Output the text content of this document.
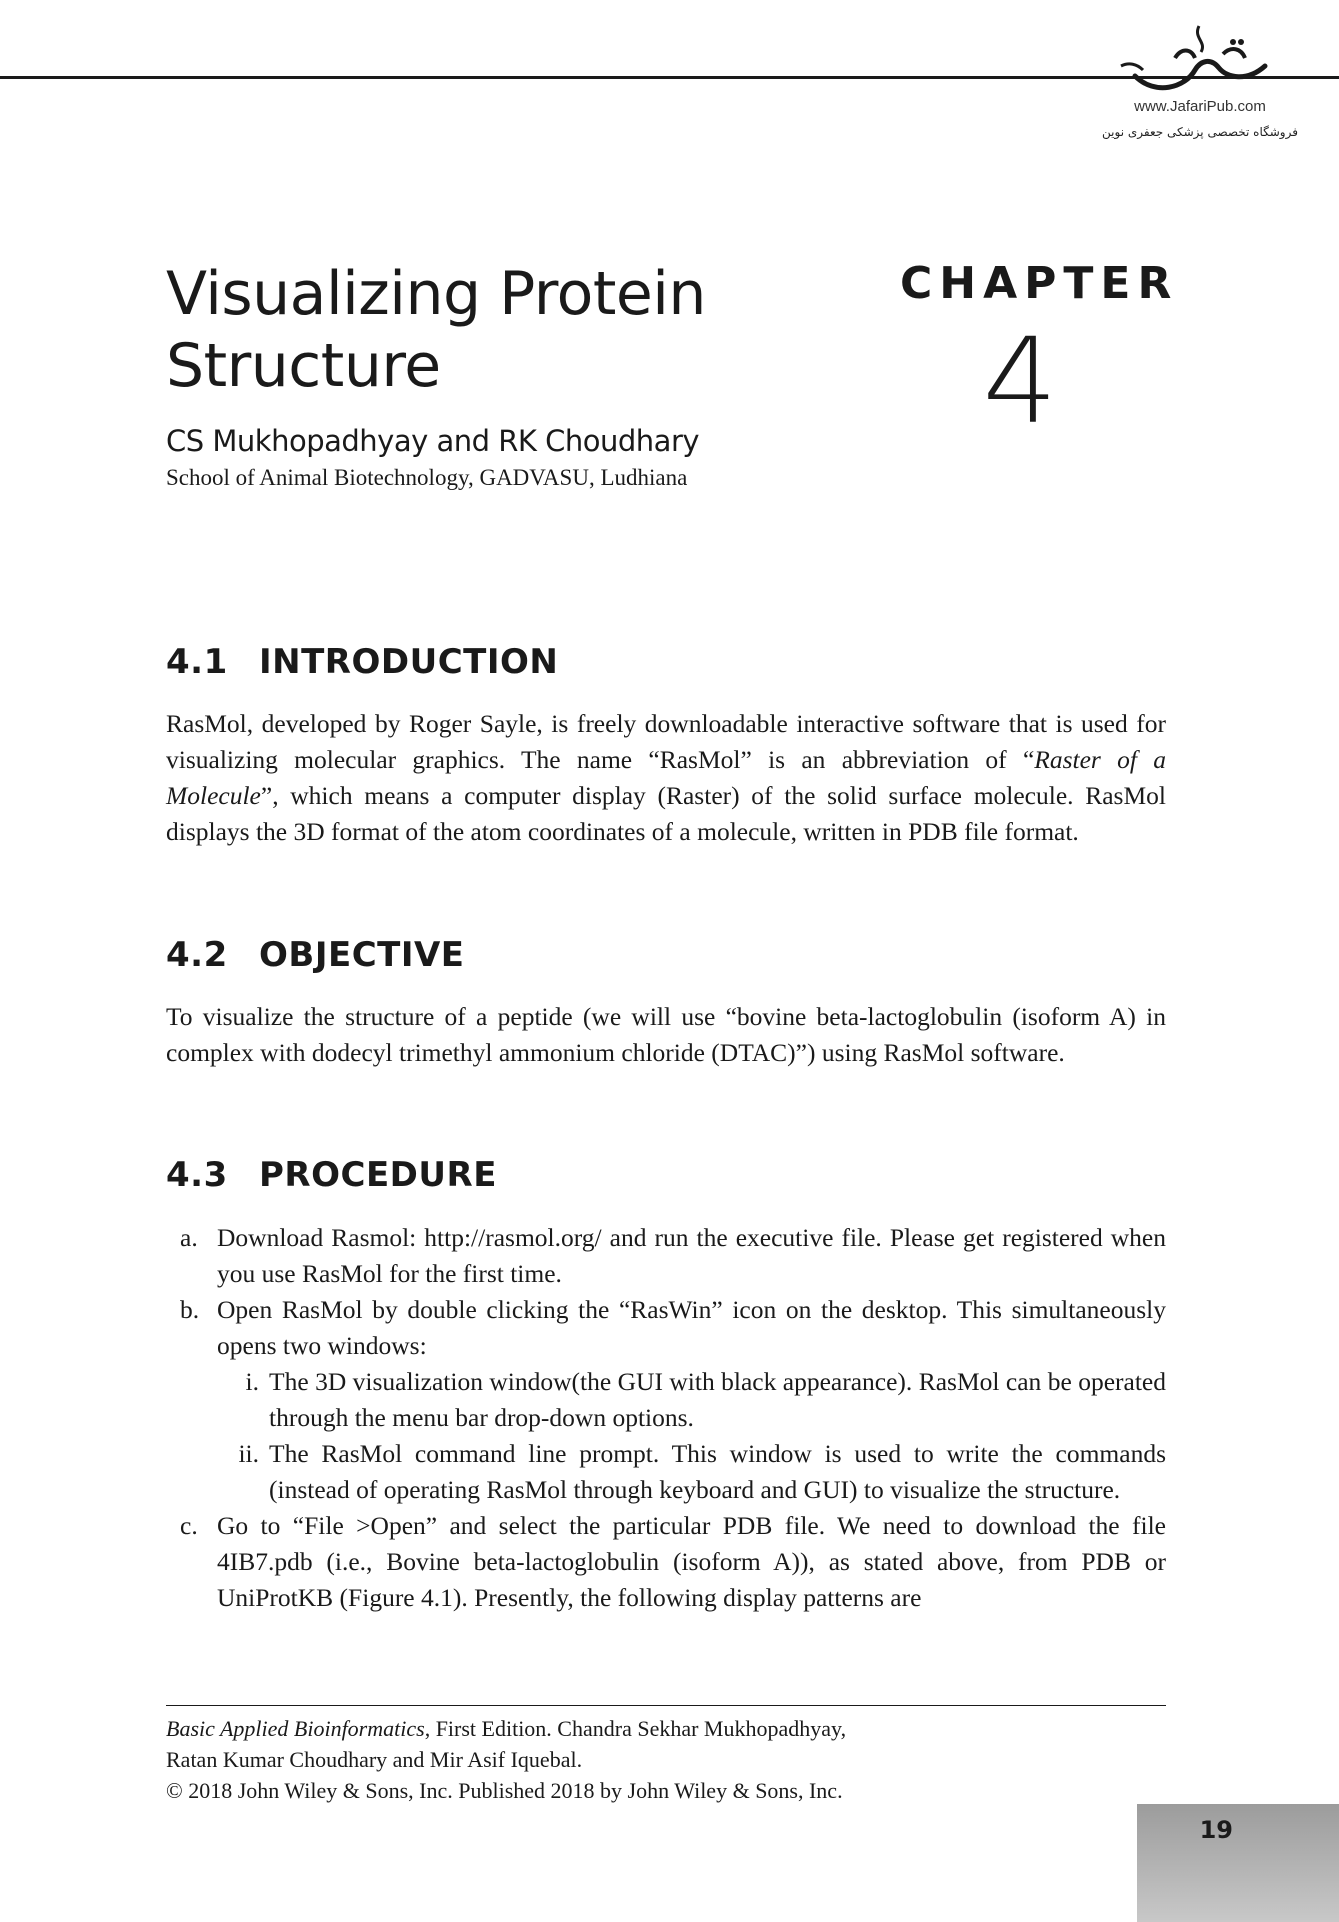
www.JafariPub.com
فروشگاه تخصصی پزشکی جعفری نوین
Visualizing Protein
Structure
CHAPTER
4
CS Mukhopadhyay and RK Choudhary
School of Animal Biotechnology, GADVASU, Ludhiana
4.1 INTRODUCTION

RasMol, developed by Roger Sayle, is freely downloadable interactive software that is used for visualizing molecular graphics. The name “RasMol” is an abbreviation of “Raster of a Molecule”, which means a computer display (Raster) of the solid surface molecule. RasMol displays the 3D format of the atom coordinates of a molecule, written in PDB file format.

4.2 OBJECTIVE

To visualize the structure of a peptide (we will use “bovine beta-lactoglobulin (isoform A) in complex with dodecyl trimethyl ammonium chloride (DTAC)”) using RasMol software.

4.3 PROCEDURE
a. Download Rasmol: http://rasmol.org/ and run the executive file. Please get registered when you use RasMol for the first time.
b. Open RasMol by double clicking the “RasWin” icon on the desktop. This simultaneously opens two windows:
i. The 3D visualization window(the GUI with black appearance). RasMol can be operated through the menu bar drop-down options.
ii. The RasMol command line prompt. This window is used to write the commands (instead of operating RasMol through keyboard and GUI) to visualize the structure.
c. Go to “File >Open” and select the particular PDB file. We need to download the file 4IB7.pdb (i.e., Bovine beta-lactoglobulin (isoform A)), as stated above, from PDB or UniProtKB (Figure 4.1). Presently, the following display patterns are
Basic Applied Bioinformatics, First Edition. Chandra Sekhar Mukhopadhyay,
Ratan Kumar Choudhary and Mir Asif Iquebal.
© 2018 John Wiley & Sons, Inc. Published 2018 by John Wiley & Sons, Inc.
19
